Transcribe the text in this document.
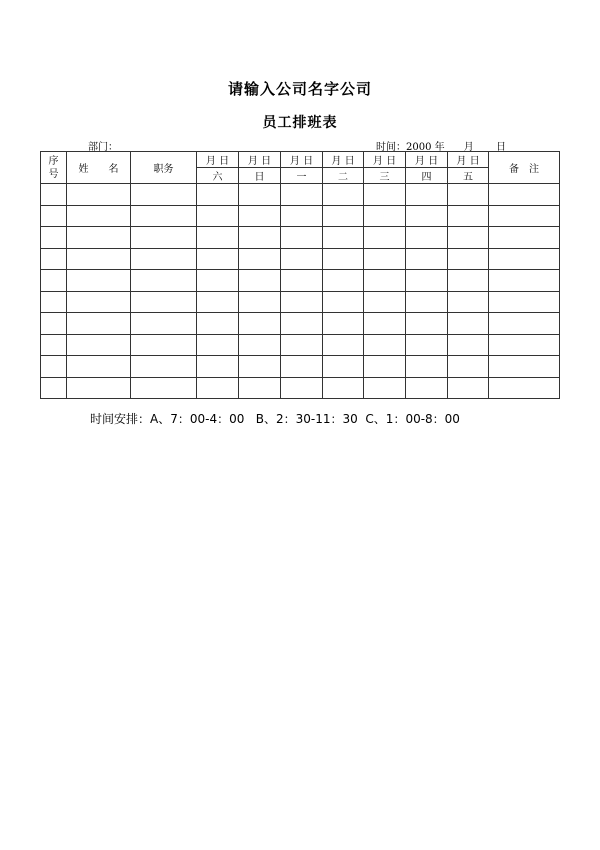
请输入公司名字公司
员工排班表
部门：	时间：2000 年      月       日
序
号	姓　　名	职务	月 日	月 日	月 日	月 日	月 日	月 日	月 日	备　注
			六	日	一	二	三	四	五	

时间安排：A、7：00-4：00   B、2：30-11：30  C、1：00-8：00
